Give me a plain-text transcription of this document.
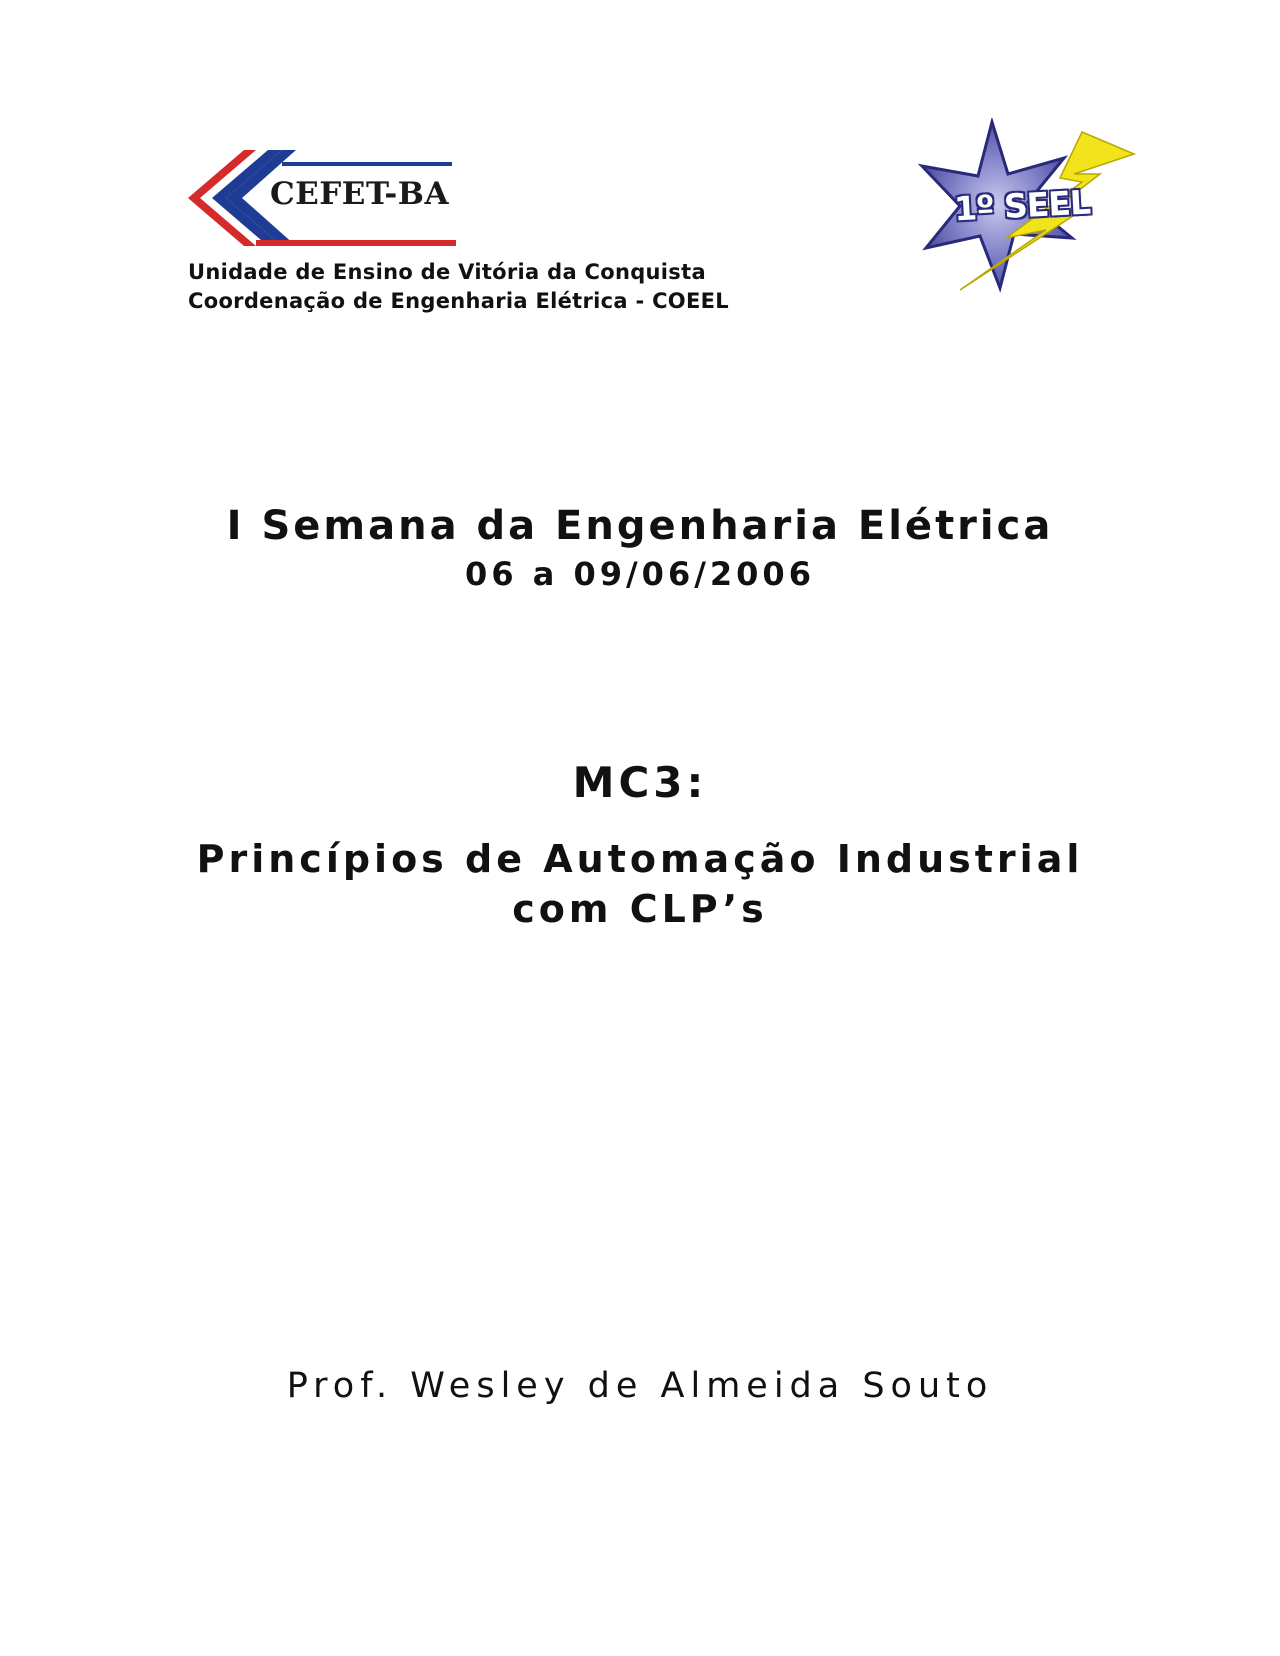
CEFET-BA
Unidade de Ensino de Vitória da Conquista
Coordenação de Engenharia Elétrica - COEEL
1º SEEL
I Semana da Engenharia Elétrica
06 a 09/06/2006
MC3:
Princípios de Automação Industrial
com CLP’s
Prof. Wesley de Almeida Souto
